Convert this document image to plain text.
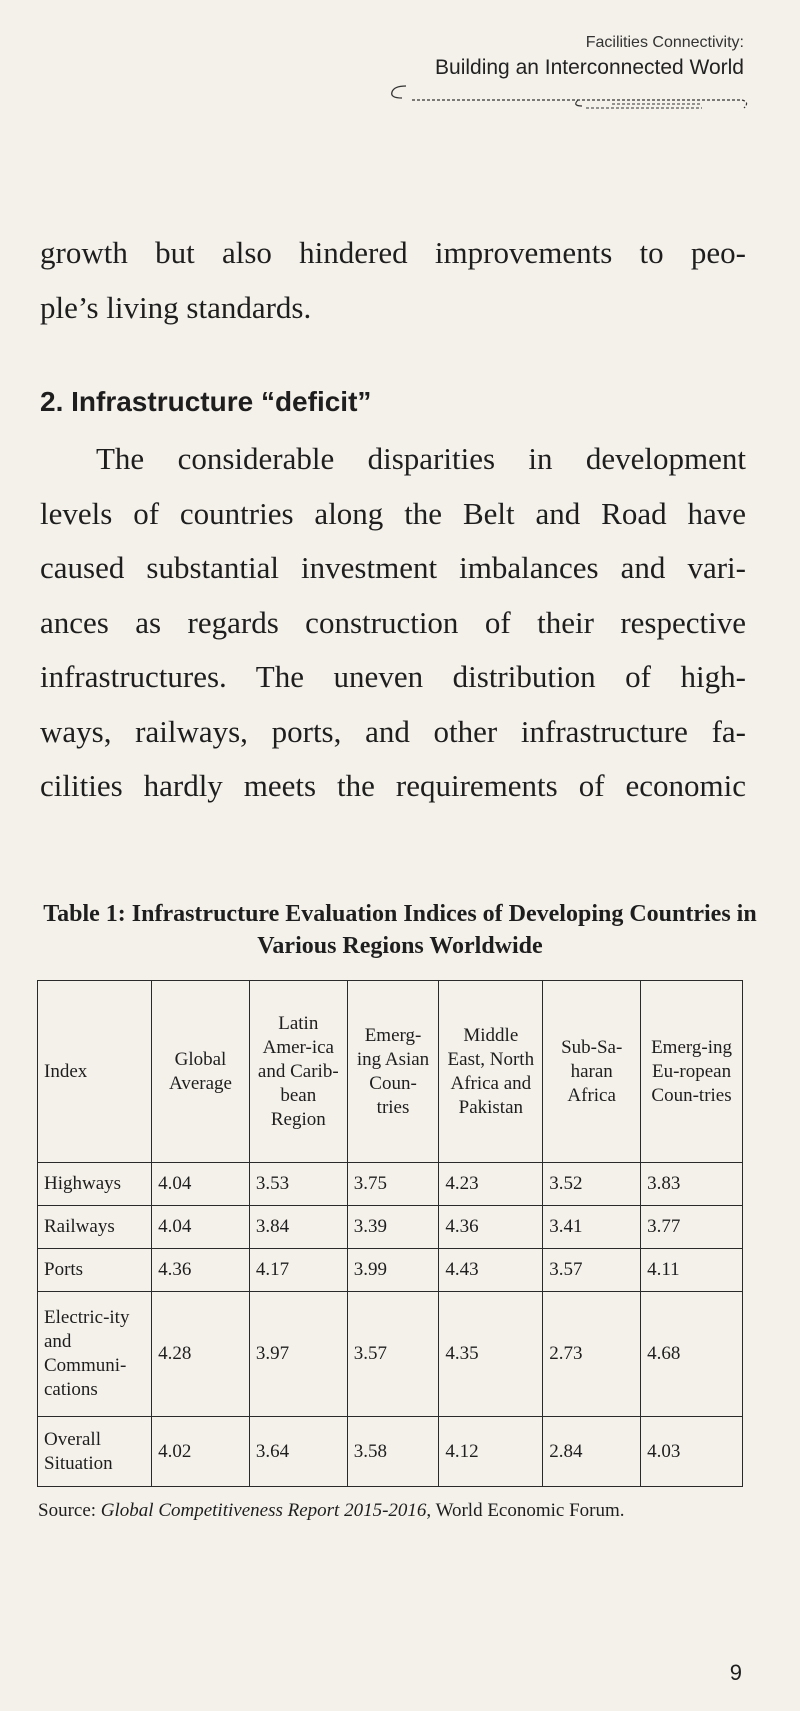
Facilities Connectivity:
Building an Interconnected World
growth but also hindered improvements to peo-
ple’s living standards.
2. Infrastructure “deficit”
The considerable disparities in development
levels of countries along the Belt and Road have
caused substantial investment imbalances and vari-
ances as regards construction of their respective
infrastructures. The uneven distribution of high-
ways, railways, ports, and other infrastructure fa-
cilities hardly meets the requirements of economic
Table 1: Infrastructure Evaluation Indices of Developing Countries in Various Regions Worldwide
Index	Global Average	Latin Amer-ica and Carib-bean Region	Emerg-ing Asian Coun-tries	Middle East, North Africa and Pakistan	Sub-Sa-haran Africa	Emerg-ing Eu-ropean Coun-tries
Highways	4.04	3.53	3.75	4.23	3.52	3.83
Railways	4.04	3.84	3.39	4.36	3.41	3.77
Ports	4.36	4.17	3.99	4.43	3.57	4.11
Electric-ity and Communi-cations	4.28	3.97	3.57	4.35	2.73	4.68
Overall Situation	4.02	3.64	3.58	4.12	2.84	4.03
Source: Global Competitiveness Report 2015-2016, World Economic Forum.
9
